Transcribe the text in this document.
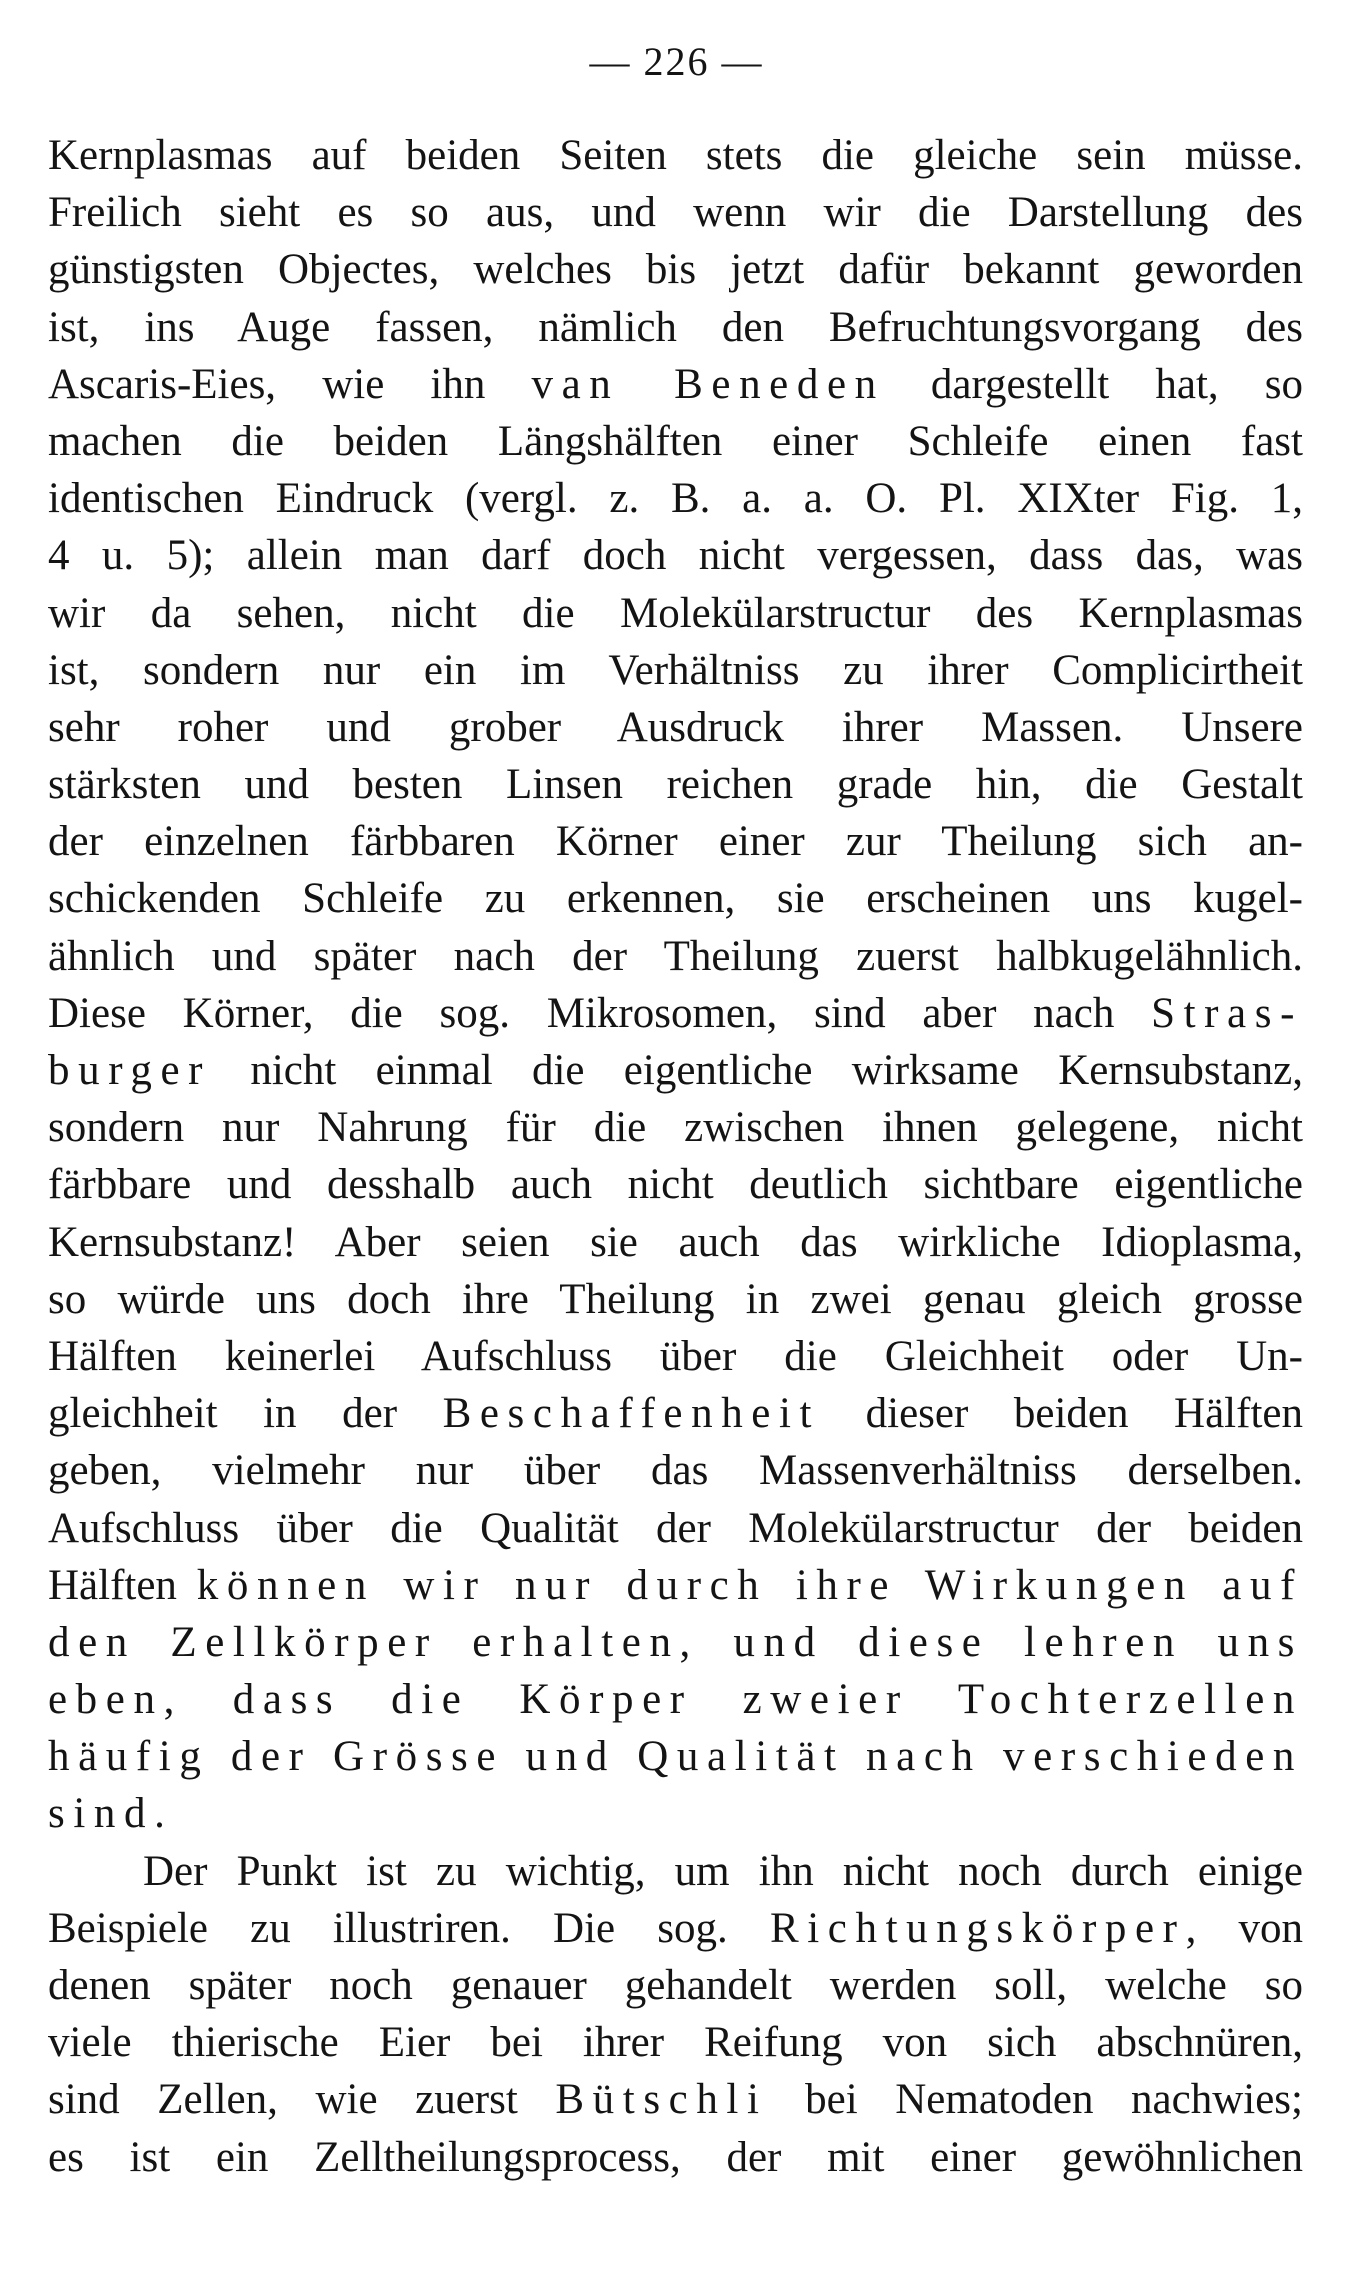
— 226 —
Kernplasmas auf beiden Seiten stets die gleiche sein müsse.
Freilich sieht es so aus, und wenn wir die Darstellung des
günstigsten Objectes, welches bis jetzt dafür bekannt geworden
ist, ins Auge fassen, nämlich den Befruchtungsvorgang des
Ascaris-Eies, wie ihn van Beneden dargestellt hat, so
machen die beiden Längshälften einer Schleife einen fast
identischen Eindruck (vergl. z. B. a. a. O. Pl. XIXter Fig. 1,
4 u. 5); allein man darf doch nicht vergessen, dass das, was
wir da sehen, nicht die Molekülarstructur des Kernplasmas
ist, sondern nur ein im Verhältniss zu ihrer Complicirtheit
sehr roher und grober Ausdruck ihrer Massen. Unsere
stärksten und besten Linsen reichen grade hin, die Gestalt
der einzelnen färbbaren Körner einer zur Theilung sich an-
schickenden Schleife zu erkennen, sie erscheinen uns kugel-
ähnlich und später nach der Theilung zuerst halbkugelähnlich.
Diese Körner, die sog. Mikrosomen, sind aber nach Stras-
burger nicht einmal die eigentliche wirksame Kernsubstanz,
sondern nur Nahrung für die zwischen ihnen gelegene, nicht
färbbare und desshalb auch nicht deutlich sichtbare eigentliche
Kernsubstanz! Aber seien sie auch das wirkliche Idioplasma,
so würde uns doch ihre Theilung in zwei genau gleich grosse
Hälften keinerlei Aufschluss über die Gleichheit oder Un-
gleichheit in der Beschaffenheit dieser beiden Hälften
geben, vielmehr nur über das Massenverhältniss derselben.
Aufschluss über die Qualität der Molekülarstructur der beiden
Hälften können wir nur durch ihre Wirkungen auf
den Zellkörper erhalten, und diese lehren uns
eben, dass die Körper zweier Tochterzellen
häufig der Grösse und Qualität nach verschieden
sind.
Der Punkt ist zu wichtig, um ihn nicht noch durch einige
Beispiele zu illustriren. Die sog. Richtungskörper, von
denen später noch genauer gehandelt werden soll, welche so
viele thierische Eier bei ihrer Reifung von sich abschnüren,
sind Zellen, wie zuerst Bütschli bei Nematoden nachwies;
es ist ein Zelltheilungsprocess, der mit einer gewöhnlichen
